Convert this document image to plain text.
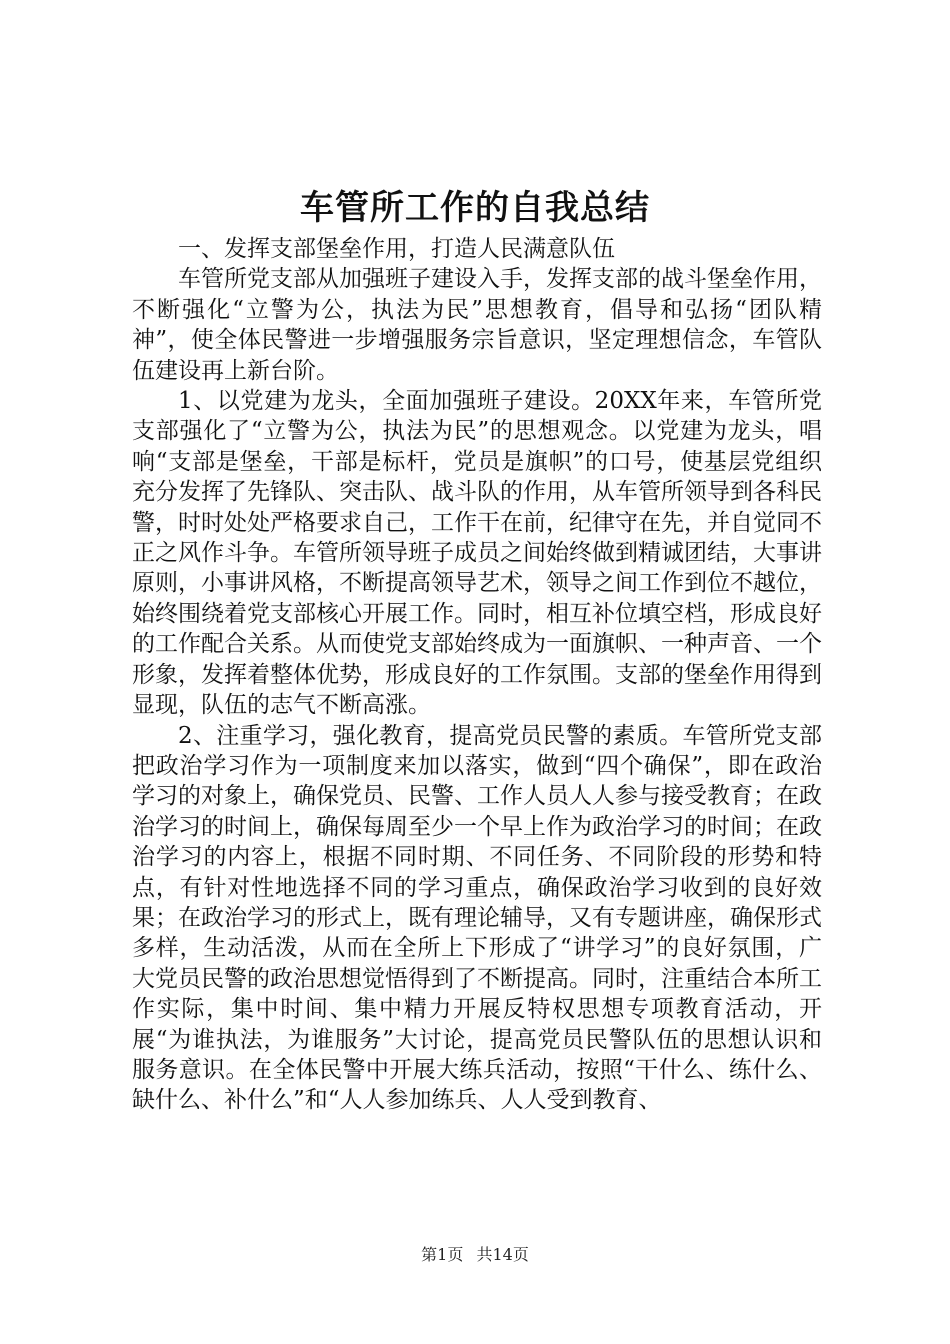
车管所工作的自我总结

一、发挥支部堡垒作用，打造人民满意队伍

车管所党支部从加强班子建设入手，发挥支部的战斗堡垒作用，不断强化“立警为公，执法为民”思想教育，倡导和弘扬“团队精神”，使全体民警进一步增强服务宗旨意识，坚定理想信念，车管队伍建设再上新台阶。

1、以党建为龙头，全面加强班子建设。20XX年来，车管所党支部强化了“立警为公，执法为民”的思想观念。以党建为龙头，唱响“支部是堡垒，干部是标杆，党员是旗帜”的口号，使基层党组织充分发挥了先锋队、突击队、战斗队的作用，从车管所领导到各科民警，时时处处严格要求自己，工作干在前，纪律守在先，并自觉同不正之风作斗争。车管所领导班子成员之间始终做到精诚团结，大事讲原则，小事讲风格，不断提高领导艺术，领导之间工作到位不越位，始终围绕着党支部核心开展工作。同时，相互补位填空档，形成良好的工作配合关系。从而使党支部始终成为一面旗帜、一种声音、一个形象，发挥着整体优势，形成良好的工作氛围。支部的堡垒作用得到显现，队伍的志气不断高涨。

2、注重学习，强化教育，提高党员民警的素质。车管所党支部把政治学习作为一项制度来加以落实，做到“四个确保”，即在政治学习的对象上，确保党员、民警、工作人员人人参与接受教育；在政治学习的时间上，确保每周至少一个早上作为政治学习的时间；在政治学习的内容上，根据不同时期、不同任务、不同阶段的形势和特点，有针对性地选择不同的学习重点，确保政治学习收到的良好效果；在政治学习的形式上，既有理论辅导，又有专题讲座，确保形式多样，生动活泼，从而在全所上下形成了“讲学习”的良好氛围，广大党员民警的政治思想觉悟得到了不断提高。同时，注重结合本所工作实际，集中时间、集中精力开展反特权思想专项教育活动，开展“为谁执法，为谁服务”大讨论，提高党员民警队伍的思想认识和服务意识。在全体民警中开展大练兵活动，按照“干什么、练什么、缺什么、补什么”和“人人参加练兵、人人受到教育、

第1页 共14页
